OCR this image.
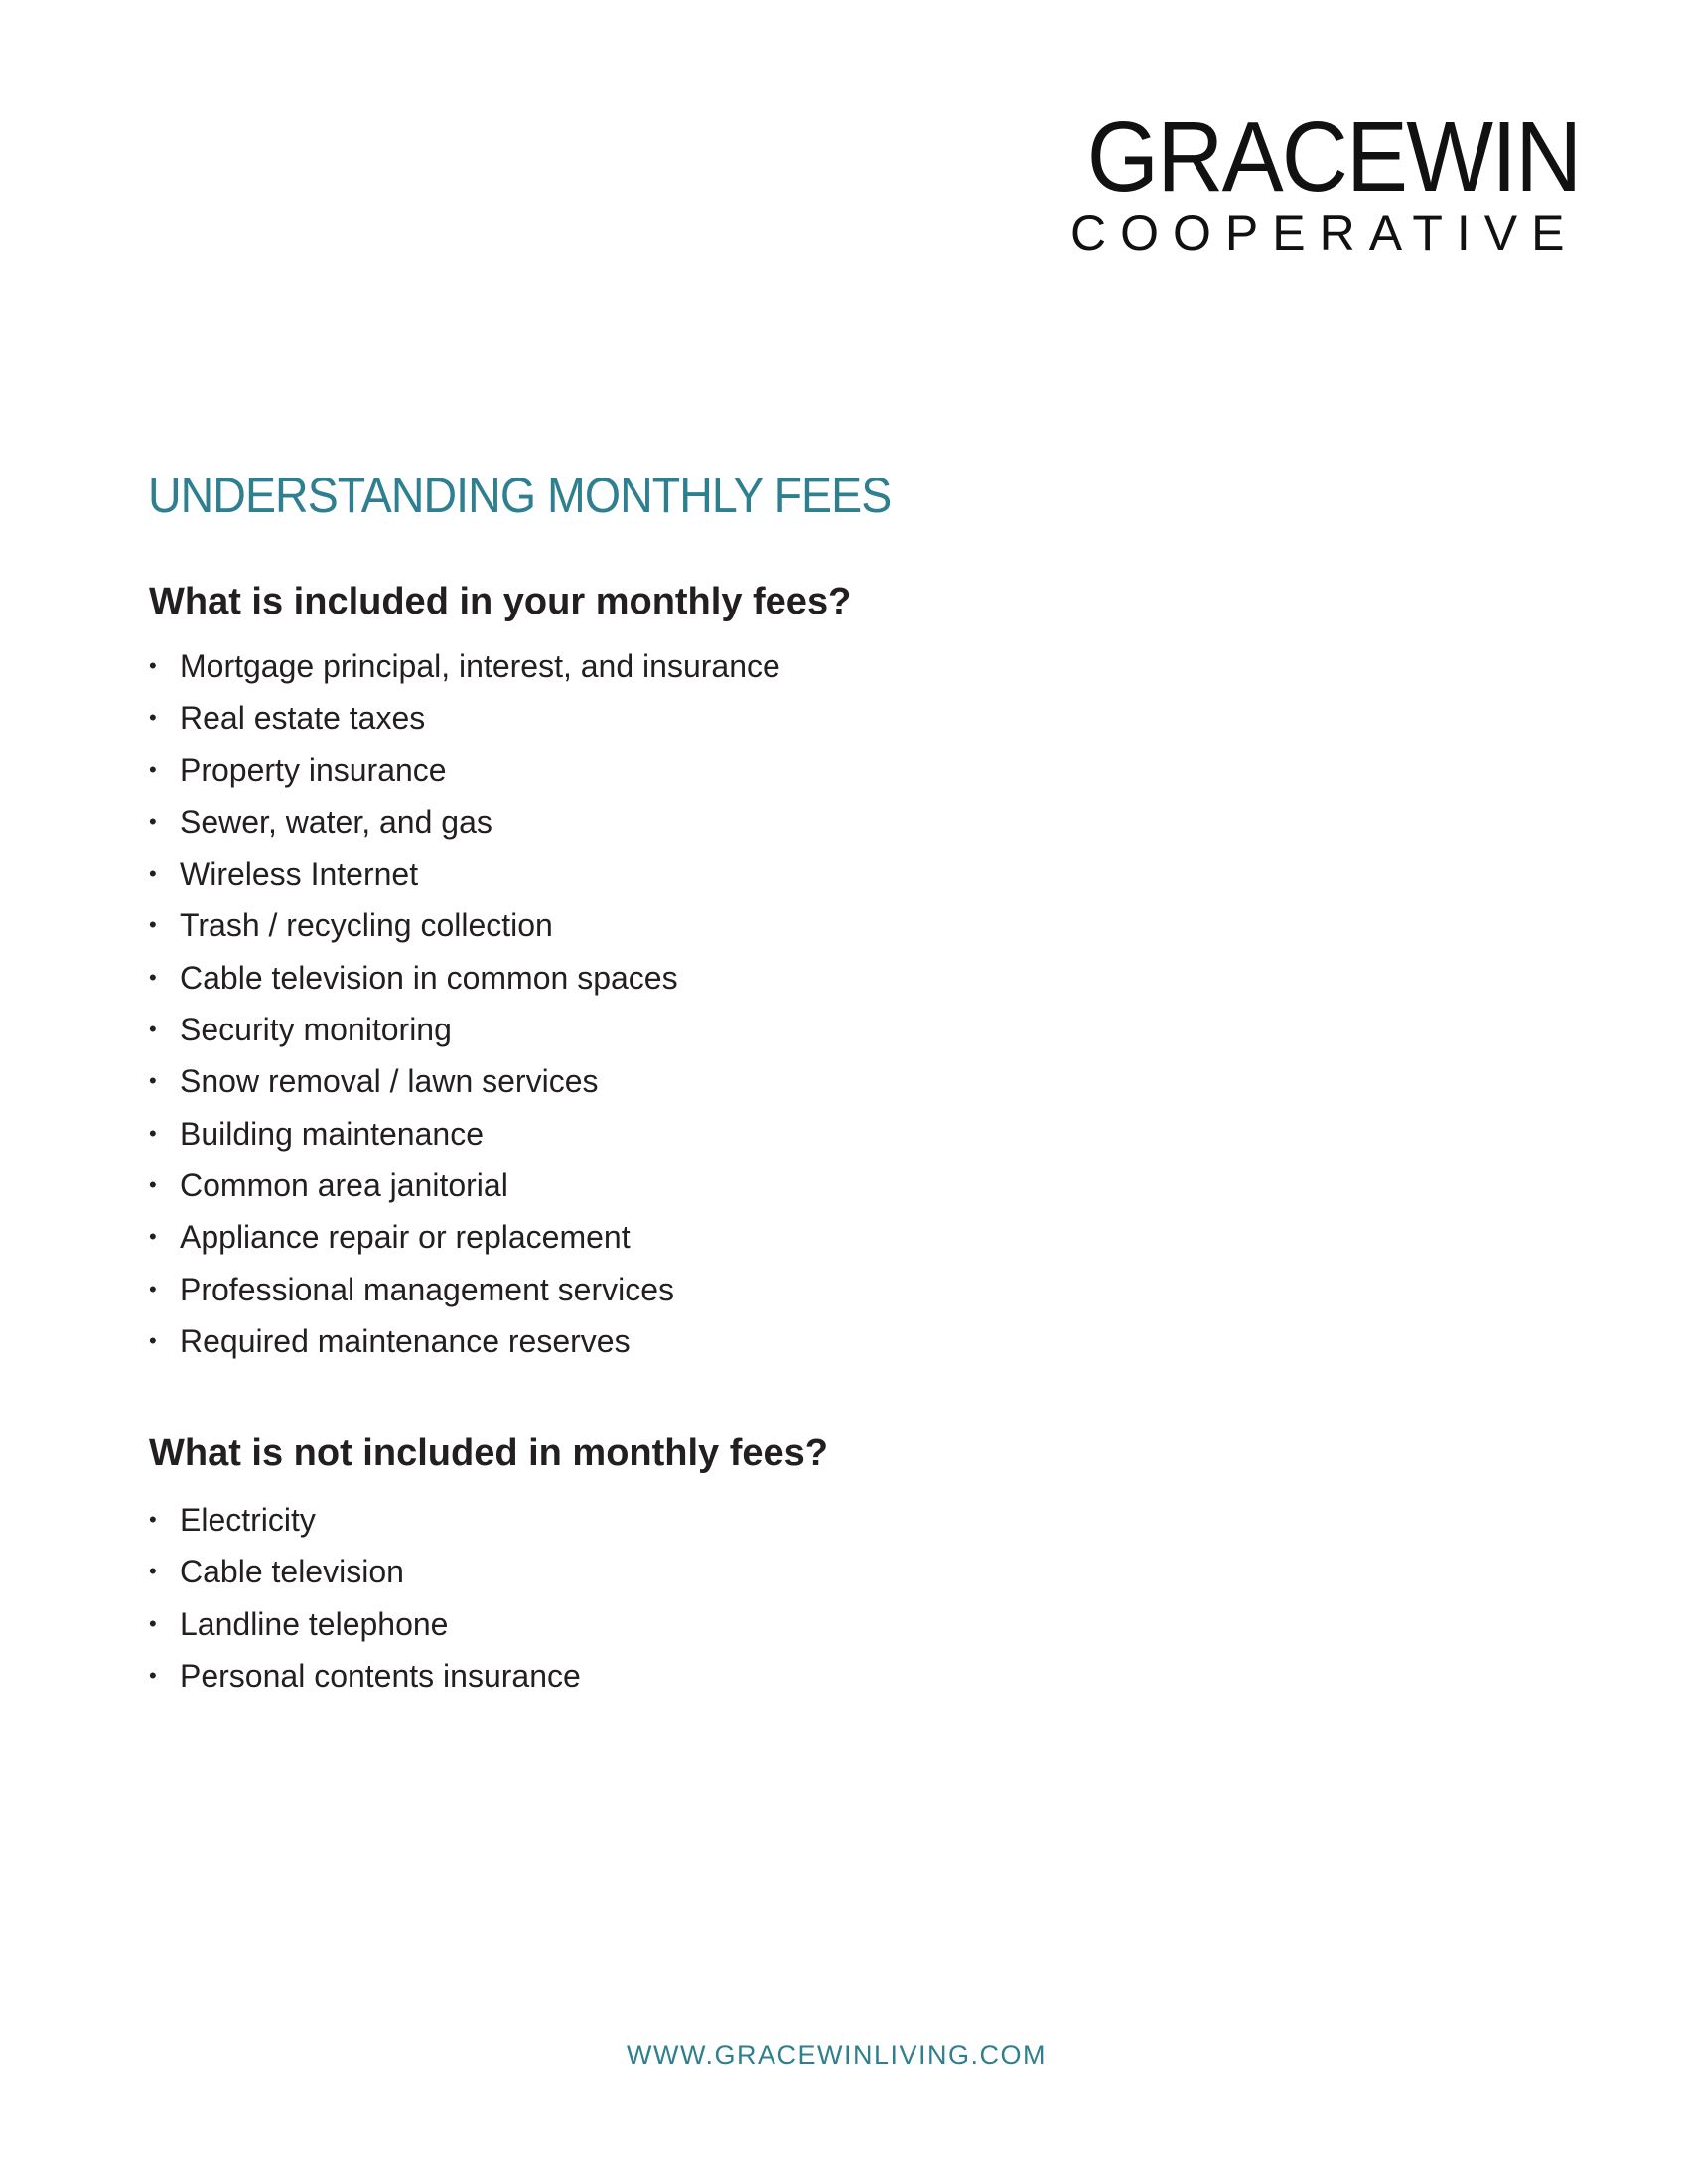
GRACEWIN
COOPERATIVE
UNDERSTANDING MONTHLY FEES
What is included in your monthly fees?
• Mortgage principal, interest, and insurance
• Real estate taxes
• Property insurance
• Sewer, water, and gas
• Wireless Internet
• Trash / recycling collection
• Cable television in common spaces
• Security monitoring
• Snow removal / lawn services
• Building maintenance
• Common area janitorial
• Appliance repair or replacement
• Professional management services
• Required maintenance reserves
What is not included in monthly fees?
• Electricity
• Cable television
• Landline telephone
• Personal contents insurance
WWW.GRACEWINLIVING.COM
